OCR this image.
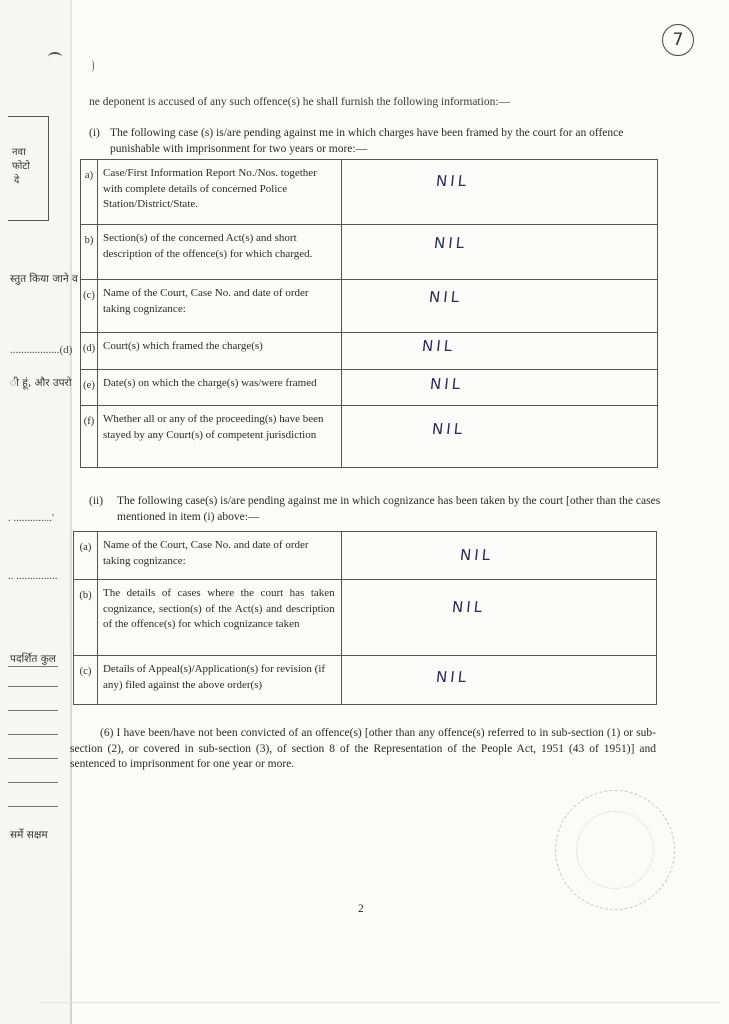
7
नवा
फोटो
दे
स्तुत किया जाने व
..................(d)
ी हूं, और उपरो
. ..............'
.. ...............
पदर्शित कुल
सर्मे सक्षम
ne deponent is accused of any such offence(s) he shall furnish the following information:—
(i) The following case (s) is/are pending against me in which charges have been framed by the court for an offence punishable with imprisonment for two years or more:—
a)	Case/First Information Report No./Nos. together with complete details of concerned Police Station/District/State.	NIL

b)	Section(s) of the concerned Act(s) and short description of the offence(s) for which charged.	NIL

(c)	Name of the Court, Case No. and date of order taking cognizance:	NIL

(d)	Court(s) which framed the charge(s)	NIL

(e)	Date(s) on which the charge(s) was/were framed	NIL

(f)	Whether all or any of the proceeding(s) have been stayed by any Court(s) of competent jurisdiction	NIL
(ii) The following case(s) is/are pending against me in which cognizance has been taken by the court [other than the cases mentioned in item (i) above:—
(a)	Name of the Court, Case No. and date of order taking cognizance:	NIL

(b)	The details of cases where the court has taken cognizance, section(s) of the Act(s) and description of the offence(s) for which cognizance taken	NIL

(c)	Details of Appeal(s)/Application(s) for revision (if any) filed against the above order(s)	NIL
(6) I have been/have not been convicted of an offence(s) [other than any offence(s) referred to in sub-section (1) or sub-section (2), or covered in sub-section (3), of section 8 of the Representation of the People Act, 1951 (43 of 1951)] and sentenced to imprisonment for one year or more.
2
